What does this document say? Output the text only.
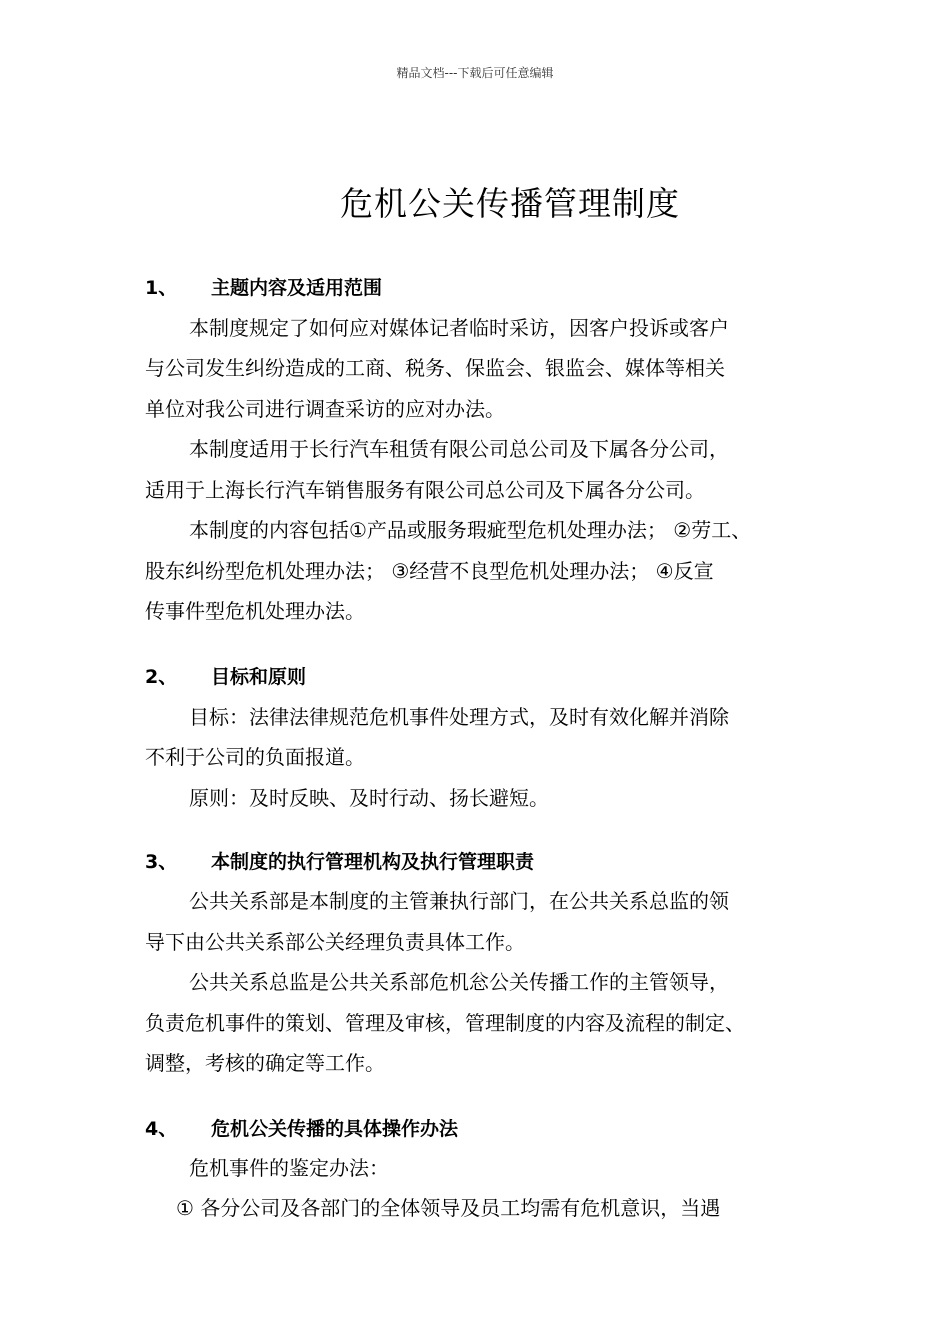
精品文档---下载后可任意编辑
危机公关传播管理制度
1、 主题内容及适用范围
本制度规定了如何应对媒体记者临时采访，因客户投诉或客户
与公司发生纠纷造成的工商、税务、保监会、银监会、媒体等相关
单位对我公司进行调查采访的应对办法。
本制度适用于长行汽车租赁有限公司总公司及下属各分公司，
适用于上海长行汽车销售服务有限公司总公司及下属各分公司。
本制度的内容包括①产品或服务瑕疵型危机处理办法； ②劳工、
股东纠纷型危机处理办法； ③经营不良型危机处理办法； ④反宣
传事件型危机处理办法。
2、 目标和原则
目标：法律法律规范危机事件处理方式，及时有效化解并消除
不利于公司的负面报道。
原则：及时反映、及时行动、扬长避短。
3、 本制度的执行管理机构及执行管理职责
公共关系部是本制度的主管兼执行部门，在公共关系总监的领
导下由公共关系部公关经理负责具体工作。
公共关系总监是公共关系部危机忩公关传播工作的主管领导，
负责危机事件的策划、管理及审核，管理制度的内容及流程的制定、
调整，考核的确定等工作。
4、 危机公关传播的具体操作办法
危机事件的鉴定办法：
① 各分公司及各部门的全体领导及员工均需有危机意识，当遇
